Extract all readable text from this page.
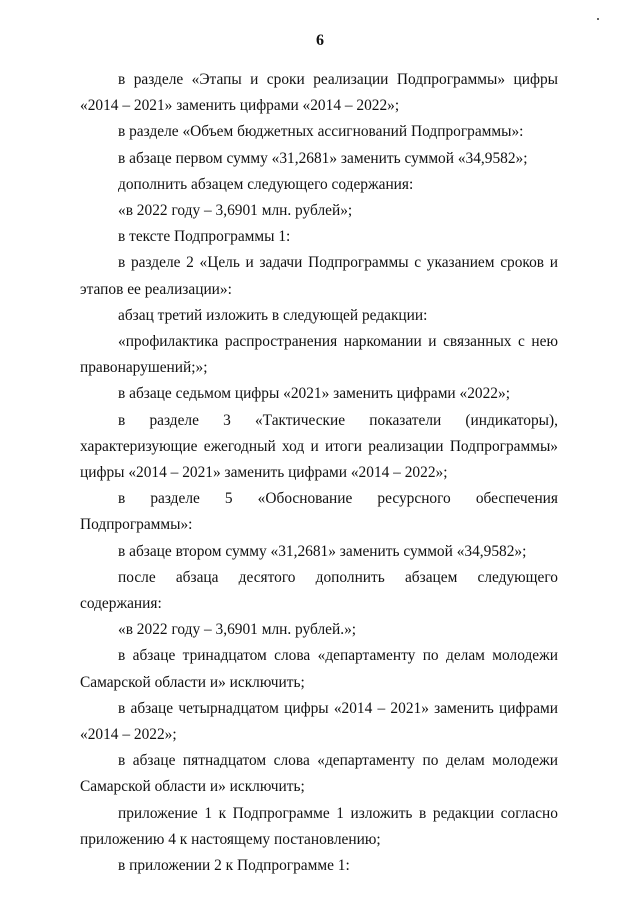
6

в разделе «Этапы и сроки реализации Подпрограммы» цифры «2014 – 2021» заменить цифрами «2014 – 2022»;

в разделе «Объем бюджетных ассигнований Подпрограммы»:

в абзаце первом сумму «31,2681» заменить суммой «34,9582»;

дополнить абзацем следующего содержания:

«в 2022 году – 3,6901 млн. рублей»;

в тексте Подпрограммы 1:

в разделе 2 «Цель и задачи Подпрограммы с указанием сроков и этапов ее реализации»:

абзац третий изложить в следующей редакции:

«профилактика распространения наркомании и связанных с нею правонарушений;»;

в абзаце седьмом цифры «2021» заменить цифрами «2022»;

в разделе 3 «Тактические показатели (индикаторы), характеризующие ежегодный ход и итоги реализации Подпрограммы» цифры «2014 – 2021» заменить цифрами «2014 – 2022»;

в разделе 5 «Обоснование ресурсного обеспечения Подпрограммы»:

в абзаце втором сумму «31,2681» заменить суммой «34,9582»;

после абзаца десятого дополнить абзацем следующего содержания:

«в 2022 году – 3,6901 млн. рублей.»;

в абзаце тринадцатом слова «департаменту по делам молодежи Самарской области и» исключить;

в абзаце четырнадцатом цифры «2014 – 2021» заменить цифрами «2014 – 2022»;

в абзаце пятнадцатом слова «департаменту по делам молодежи Самарской области и» исключить;

приложение 1 к Подпрограмме 1 изложить в редакции согласно приложению 4 к настоящему постановлению;

в приложении 2 к Подпрограмме 1:
